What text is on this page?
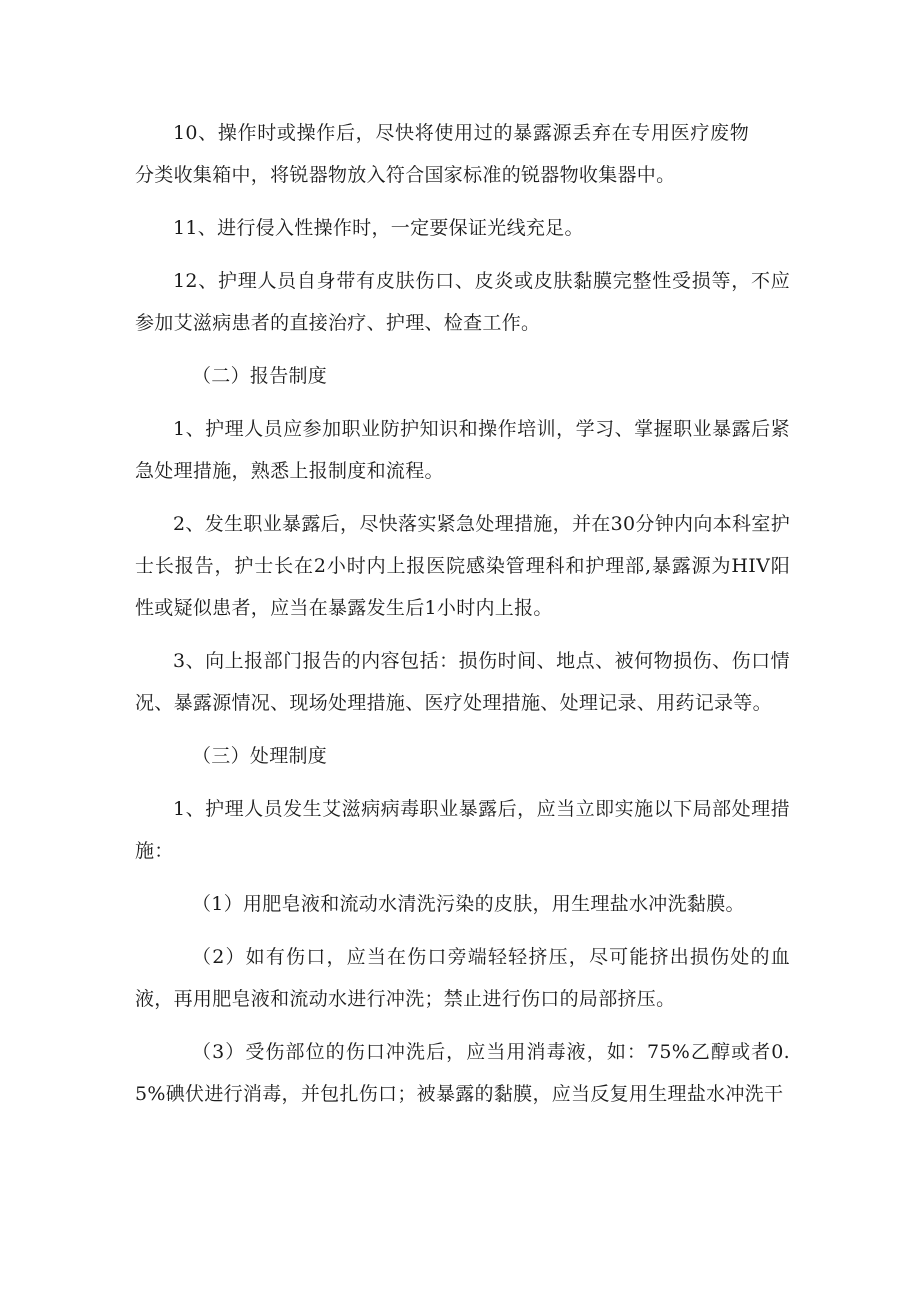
10、操作时或操作后，尽快将使用过的暴露源丢弃在专用医疗废物分类收集箱中，将锐器物放入符合国家标准的锐器物收集器中。

11、进行侵入性操作时，一定要保证光线充足。

12、护理人员自身带有皮肤伤口、皮炎或皮肤黏膜完整性受损等，不应参加艾滋病患者的直接治疗、护理、检查工作。

（二）报告制度

1、护理人员应参加职业防护知识和操作培训，学习、掌握职业暴露后紧急处理措施，熟悉上报制度和流程。

2、发生职业暴露后，尽快落实紧急处理措施，并在30分钟内向本科室护士长报告，护士长在2小时内上报医院感染管理科和护理部,暴露源为HIV阳性或疑似患者，应当在暴露发生后1小时内上报。

3、向上报部门报告的内容包括：损伤时间、地点、被何物损伤、伤口情况、暴露源情况、现场处理措施、医疗处理措施、处理记录、用药记录等。

（三）处理制度

1、护理人员发生艾滋病病毒职业暴露后，应当立即实施以下局部处理措施：

（1）用肥皂液和流动水清洗污染的皮肤，用生理盐水冲洗黏膜。

（2）如有伤口，应当在伤口旁端轻轻挤压，尽可能挤出损伤处的血液，再用肥皂液和流动水进行冲洗；禁止进行伤口的局部挤压。

（3）受伤部位的伤口冲洗后，应当用消毒液，如：75%乙醇或者0.5%碘伏进行消毒，并包扎伤口；被暴露的黏膜，应当反复用生理盐水冲洗干
